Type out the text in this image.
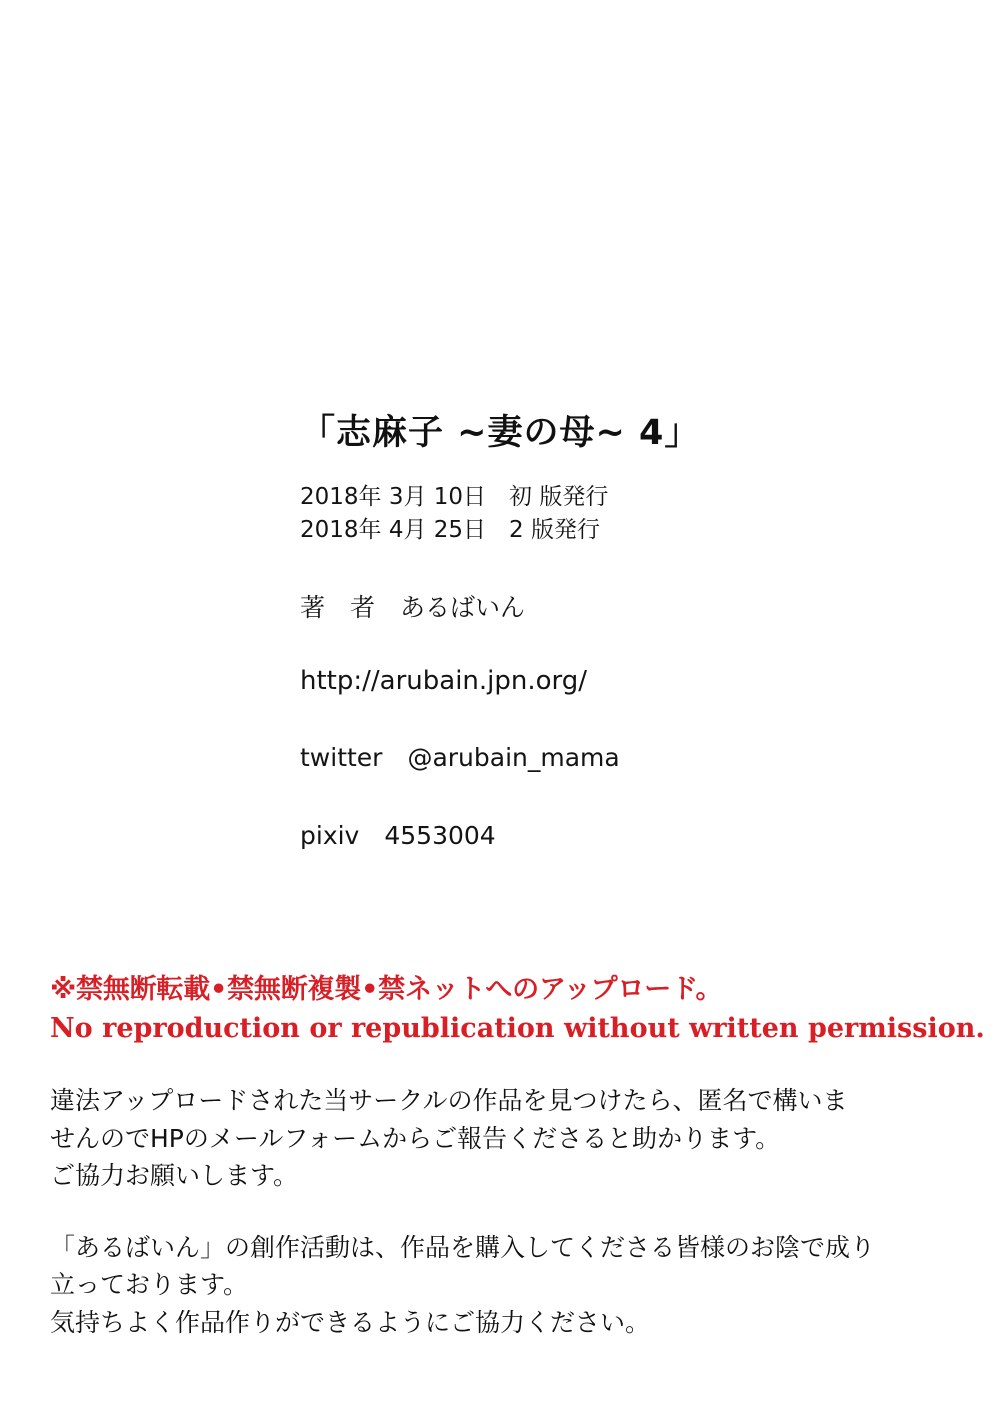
「志麻子 ~妻の母~ 4」
2018年 3月 10日　初 版発行
2018年 4月 25日　2 版発行
著　者　あるばいん
http://arubain.jpn.org/
twitter　@arubain_mama
pixiv　4553004
※禁無断転載•禁無断複製•禁ネットへのアップロード。
No reproduction or republication without written permission.

違法アップロードされた当サークルの作品を見つけたら、匿名で構いま

せんのでHPのメールフォームからご報告くださると助かります。

ご協力お願いします。

「あるばいん」の創作活動は、作品を購入してくださる皆様のお陰で成り

立っております。

気持ちよく作品作りができるようにご協力ください。
